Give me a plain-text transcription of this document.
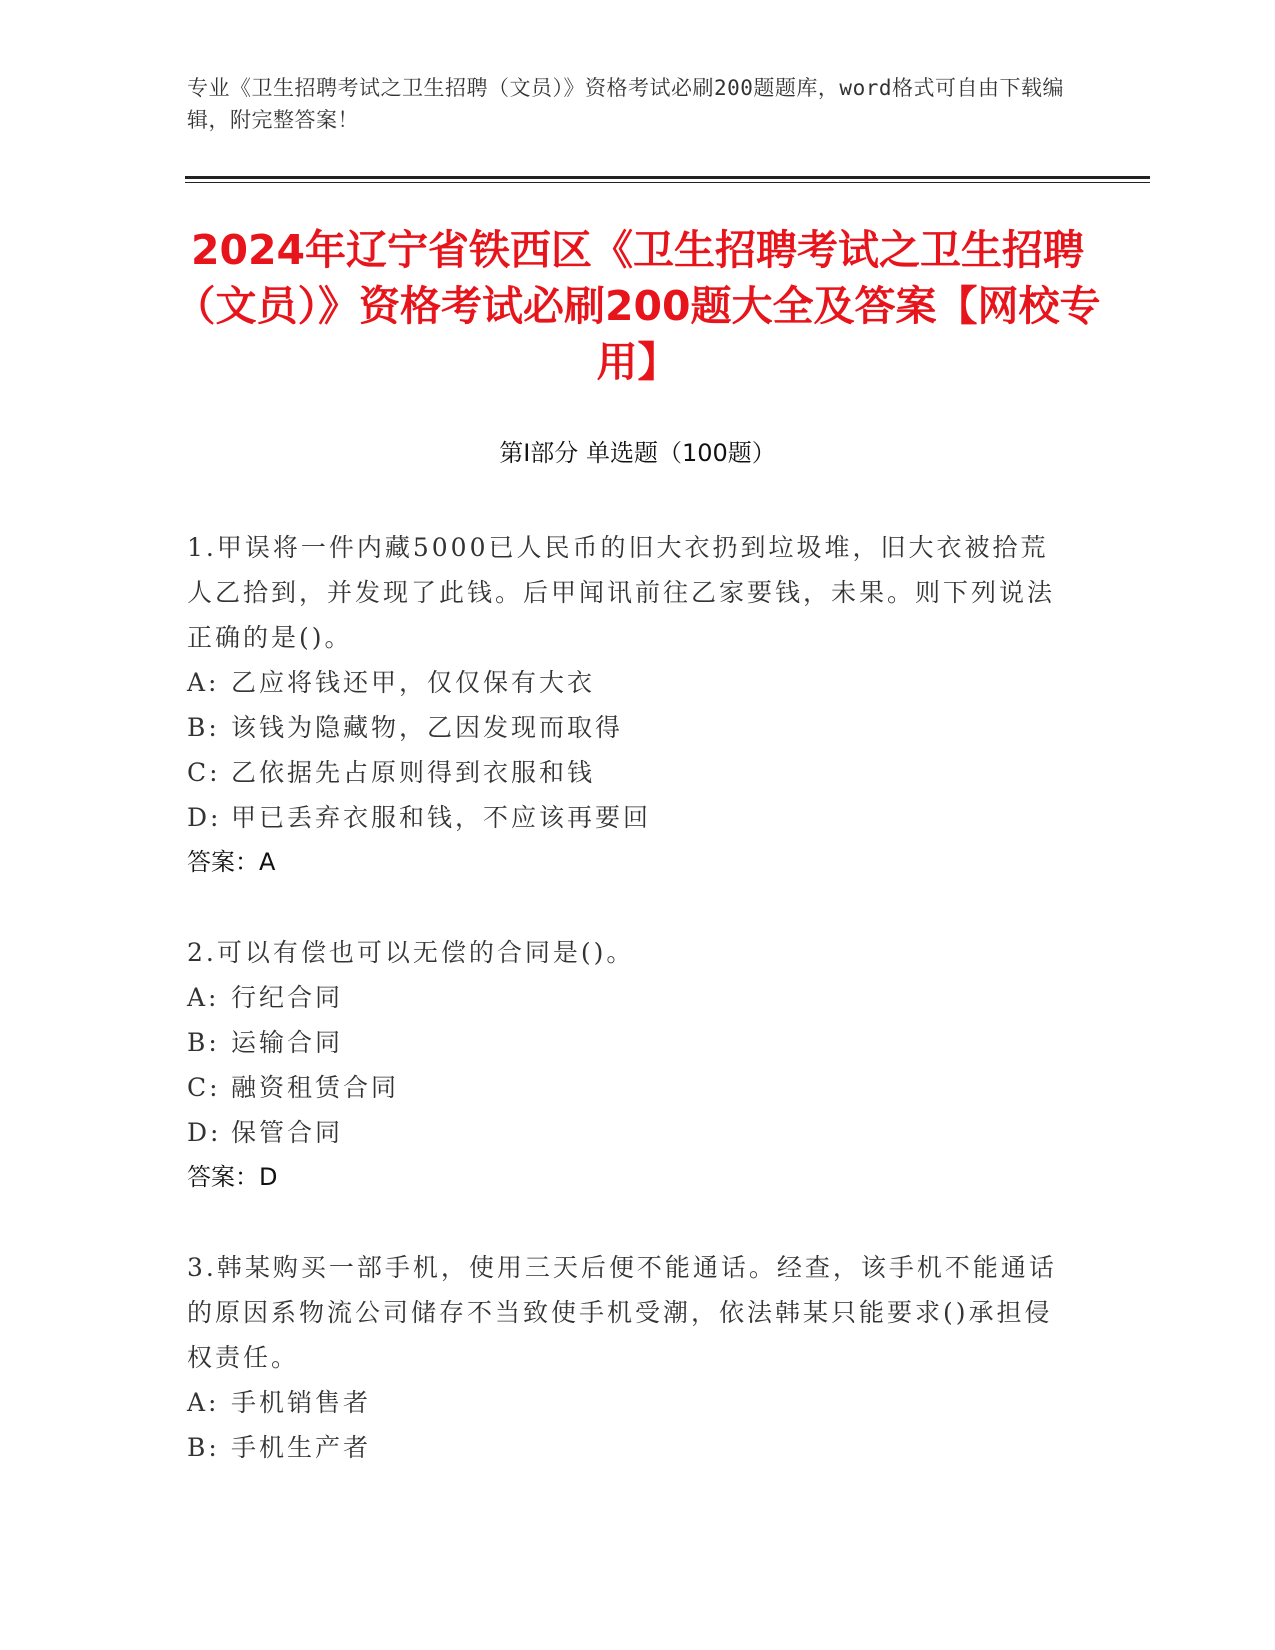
专业《卫生招聘考试之卫生招聘（文员）》资格考试必刷200题题库，word格式可自由下载编辑，附完整答案！
2024年辽宁省铁西区《卫生招聘考试之卫生招聘（文员）》资格考试必刷200题大全及答案【网校专用】
第Ⅰ部分 单选题（100题）
1.甲误将一件内藏5000已人民币的旧大衣扔到垃圾堆，旧大衣被拾荒人乙拾到，并发现了此钱。后甲闻讯前往乙家要钱，未果。则下列说法正确的是()。
A: 乙应将钱还甲，仅仅保有大衣
B: 该钱为隐藏物，乙因发现而取得
C: 乙依据先占原则得到衣服和钱
D: 甲已丢弃衣服和钱，不应该再要回
答案：A
2.可以有偿也可以无偿的合同是()。
A: 行纪合同
B: 运输合同
C: 融资租赁合同
D: 保管合同
答案：D
3.韩某购买一部手机，使用三天后便不能通话。经查，该手机不能通话的原因系物流公司储存不当致使手机受潮，依法韩某只能要求()承担侵权责任。
A: 手机销售者
B: 手机生产者
